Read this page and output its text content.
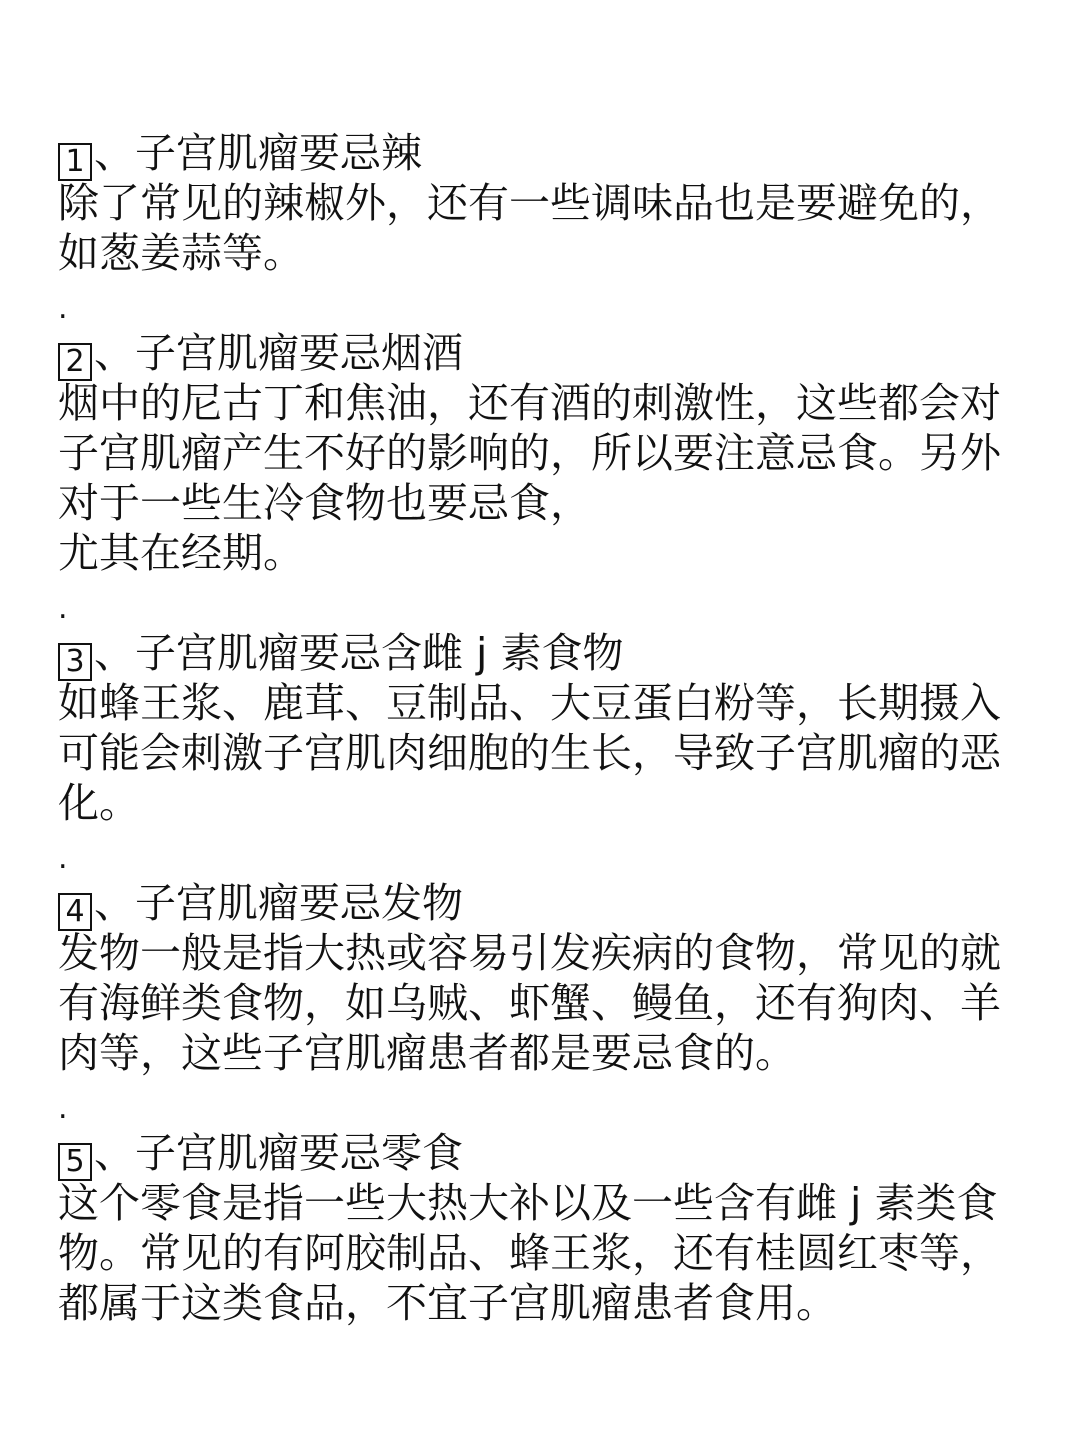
1 、子宫肌瘤要忌辣
除了常见的辣椒外，还有一些调味品也是要避免的，
如葱姜蒜等。
.
2 、子宫肌瘤要忌烟酒
烟中的尼古丁和焦油，还有酒的刺激性，这些都会对
子宫肌瘤产生不好的影响的，所以要注意忌食。另外
对于一些生冷食物也要忌食，
尤其在经期。
.
3 、子宫肌瘤要忌含雌 j 素食物
如蜂王浆、鹿茸、豆制品、大豆蛋白粉等，长期摄入
可能会刺激子宫肌肉细胞的生长，导致子宫肌瘤的恶
化。
.
4 、子宫肌瘤要忌发物
发物一般是指大热或容易引发疾病的食物，常见的就
有海鲜类食物，如乌贼、虾蟹、鳗鱼，还有狗肉、羊
肉等，这些子宫肌瘤患者都是要忌食的。
.
5 、子宫肌瘤要忌零食
这个零食是指一些大热大补以及一些含有雌 j 素类食
物。常见的有阿胶制品、蜂王浆，还有桂圆红枣等，
都属于这类食品，不宜子宫肌瘤患者食用。
